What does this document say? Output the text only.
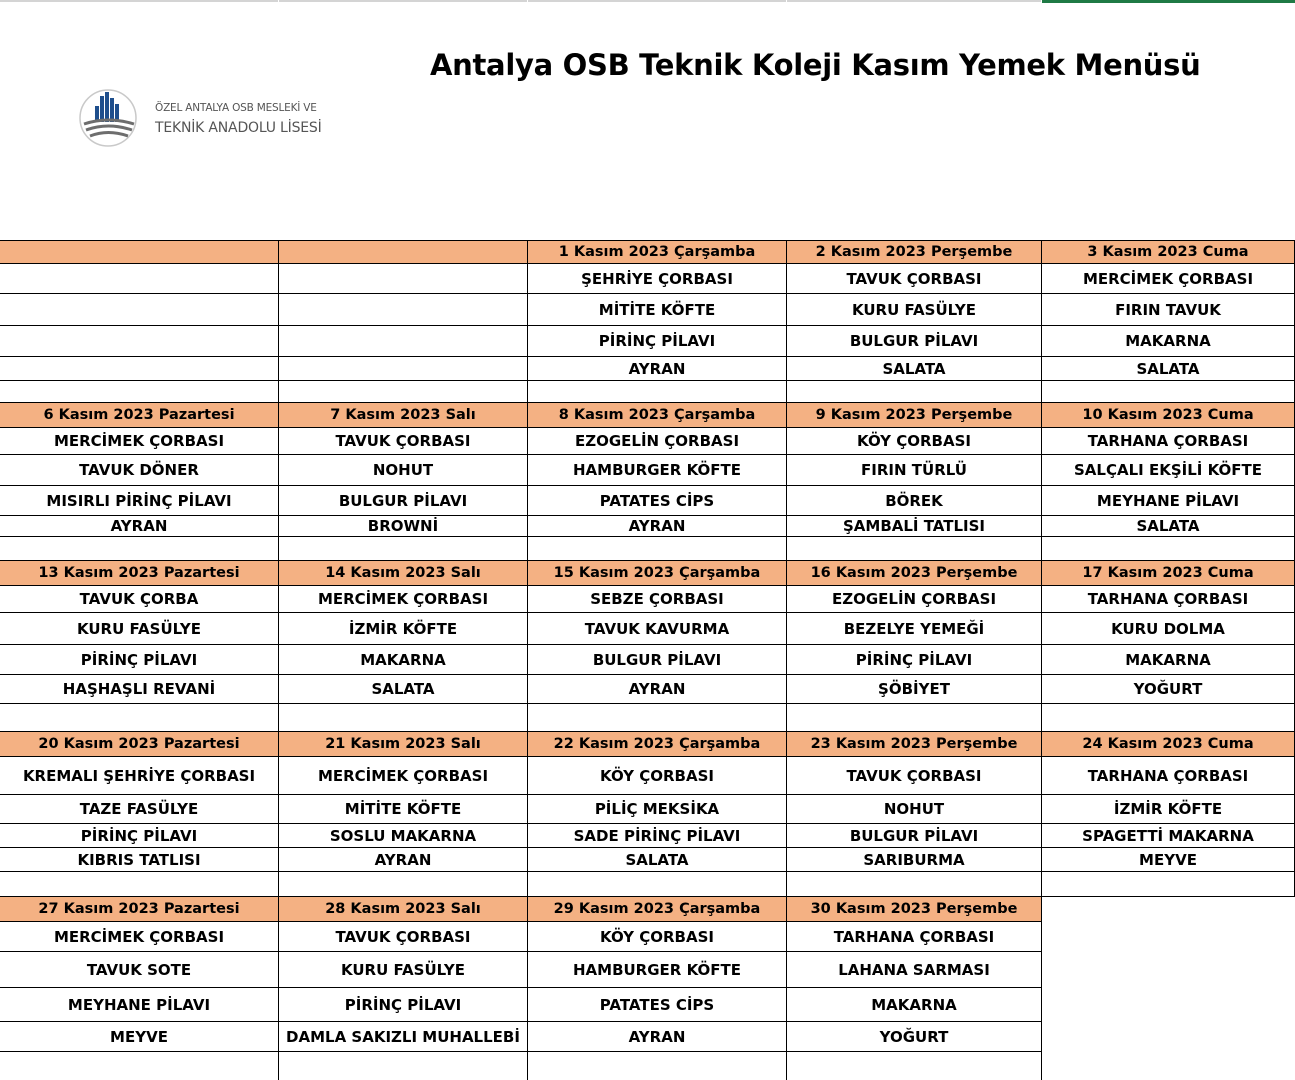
ÖZEL ANTALYA OSB MESLEKİ VE
TEKNİK ANADOLU LİSESİ
Antalya OSB Teknik Koleji Kasım Yemek Menüsü
1 Kasım 2023 Çarşamba
ŞEHRİYE ÇORBASI
MİTİTE KÖFTE
PİRİNÇ PİLAVI
AYRAN
2 Kasım 2023 Perşembe
TAVUK ÇORBASI
KURU FASÜLYE
BULGUR PİLAVI
SALATA
3 Kasım 2023 Cuma
MERCİMEK ÇORBASI
FIRIN TAVUK
MAKARNA
SALATA
6 Kasım 2023 Pazartesi
MERCİMEK ÇORBASI
TAVUK DÖNER
MISIRLI PİRİNÇ PİLAVI
AYRAN
7 Kasım 2023 Salı
TAVUK ÇORBASI
NOHUT
BULGUR PİLAVI
BROWNİ
8 Kasım 2023 Çarşamba
EZOGELİN ÇORBASI
HAMBURGER KÖFTE
PATATES CİPS
AYRAN
9 Kasım 2023 Perşembe
KÖY ÇORBASI
FIRIN TÜRLÜ
BÖREK
ŞAMBALİ TATLISI
10 Kasım 2023 Cuma
TARHANA ÇORBASI
SALÇALI EKŞİLİ KÖFTE
MEYHANE PİLAVI
SALATA
13 Kasım 2023 Pazartesi
TAVUK ÇORBA
KURU FASÜLYE
PİRİNÇ PİLAVI
HAŞHAŞLI REVANİ
14 Kasım 2023 Salı
MERCİMEK ÇORBASI
İZMİR KÖFTE
MAKARNA
SALATA
15 Kasım 2023 Çarşamba
SEBZE ÇORBASI
TAVUK KAVURMA
BULGUR PİLAVI
AYRAN
16 Kasım 2023 Perşembe
EZOGELİN ÇORBASI
BEZELYE YEMEĞİ
PİRİNÇ PİLAVI
ŞÖBİYET
17 Kasım 2023 Cuma
TARHANA ÇORBASI
KURU DOLMA
MAKARNA
YOĞURT
20 Kasım 2023 Pazartesi
KREMALI ŞEHRİYE ÇORBASI
TAZE FASÜLYE
PİRİNÇ PİLAVI
KIBRIS TATLISI
21 Kasım 2023 Salı
MERCİMEK ÇORBASI
MİTİTE KÖFTE
SOSLU MAKARNA
AYRAN
22 Kasım 2023 Çarşamba
KÖY ÇORBASI
PİLİÇ MEKSİKA
SADE PİRİNÇ PİLAVI
SALATA
23 Kasım 2023 Perşembe
TAVUK ÇORBASI
NOHUT
BULGUR PİLAVI
SARIBURMA
24 Kasım 2023 Cuma
TARHANA ÇORBASI
İZMİR KÖFTE
SPAGETTİ MAKARNA
MEYVE
27 Kasım 2023 Pazartesi
MERCİMEK ÇORBASI
TAVUK SOTE
MEYHANE PİLAVI
MEYVE
28 Kasım 2023 Salı
TAVUK ÇORBASI
KURU FASÜLYE
PİRİNÇ PİLAVI
DAMLA SAKIZLI MUHALLEBİ
29 Kasım 2023 Çarşamba
KÖY ÇORBASI
HAMBURGER KÖFTE
PATATES CİPS
AYRAN
30 Kasım 2023 Perşembe
TARHANA ÇORBASI
LAHANA SARMASI
MAKARNA
YOĞURT
